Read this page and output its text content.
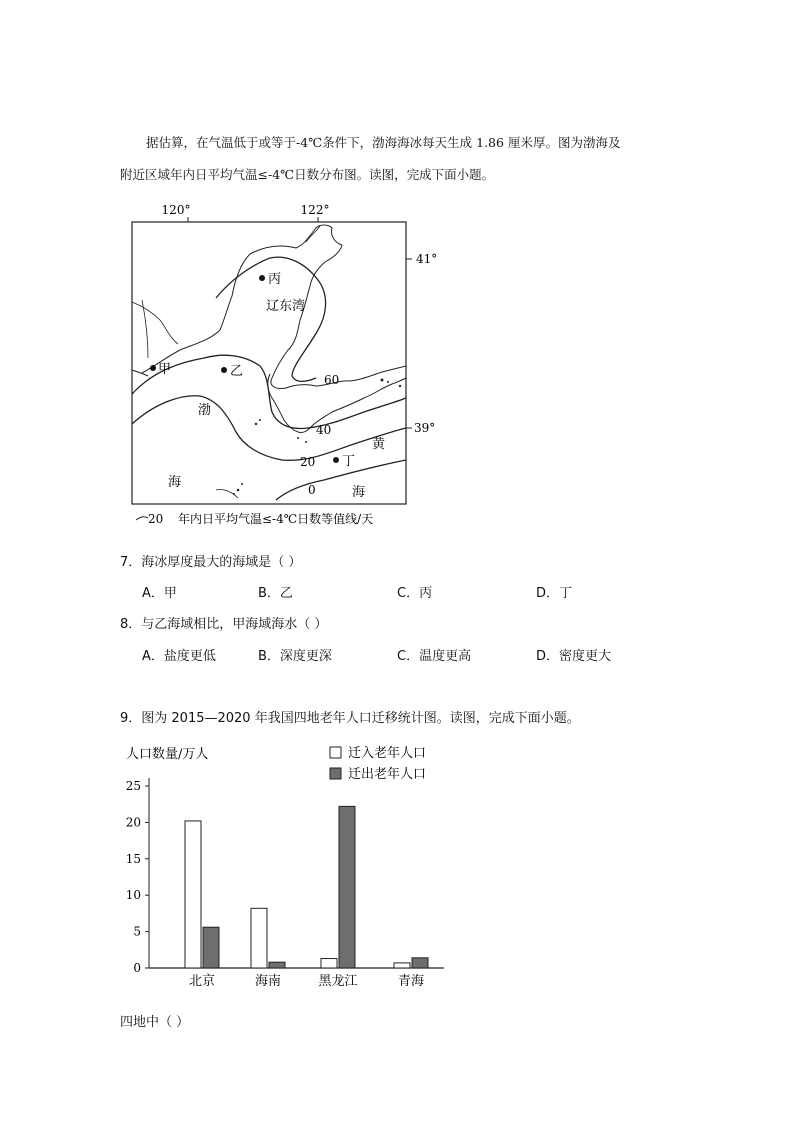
据估算，在气温低于或等于-4℃条件下，渤海海冰每天生成 1.86 厘米厚。图为渤海及
附近区域年内日平均气温≤-4℃日数分布图。读图，完成下面小题。
120°	122°
41°
39°
丙
乙
甲
丁
辽东湾
渤
海
黄
海
60
40
20
0
20 年内日平均气温≤-4℃日数等值线/天
7．海冰厚度最大的海域是（ ）
A．甲	B．乙	C．丙	D．丁
8．与乙海域相比，甲海域海水（ ）
A．盐度更低	B．深度更深	C．温度更高	D．密度更大
9．图为 2015—2020 年我国四地老年人口迁移统计图。读图，完成下面小题。
人口数量/万人	迁入老年人口
迁出老年人口
25
20
15
10
5
0
北京	海南	黑龙江	青海
四地中（ ）
